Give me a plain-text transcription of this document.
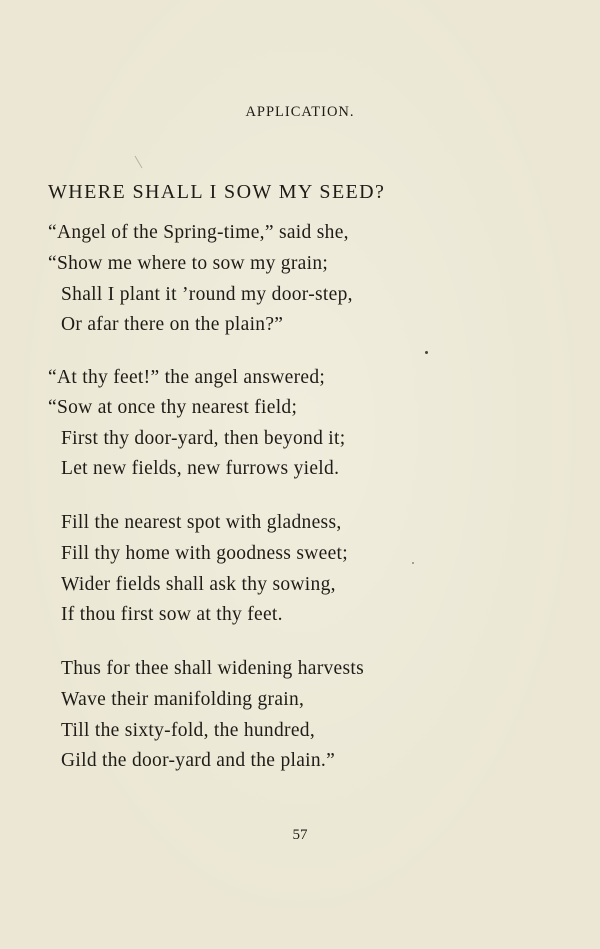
APPLICATION.
WHERE SHALL I SOW MY SEED?
“Angel of the Spring-time,” said she,
“Show me where to sow my grain;
Shall I plant it ’round my door-step,
Or afar there on the plain?”
“At thy feet!” the angel answered;
“Sow at once thy nearest field;
First thy door-yard, then beyond it;
Let new fields, new furrows yield.
Fill the nearest spot with gladness,
Fill thy home with goodness sweet;
Wider fields shall ask thy sowing,
If thou first sow at thy feet.
Thus for thee shall widening harvests
Wave their manifolding grain,
Till the sixty-fold, the hundred,
Gild the door-yard and the plain.”
57
